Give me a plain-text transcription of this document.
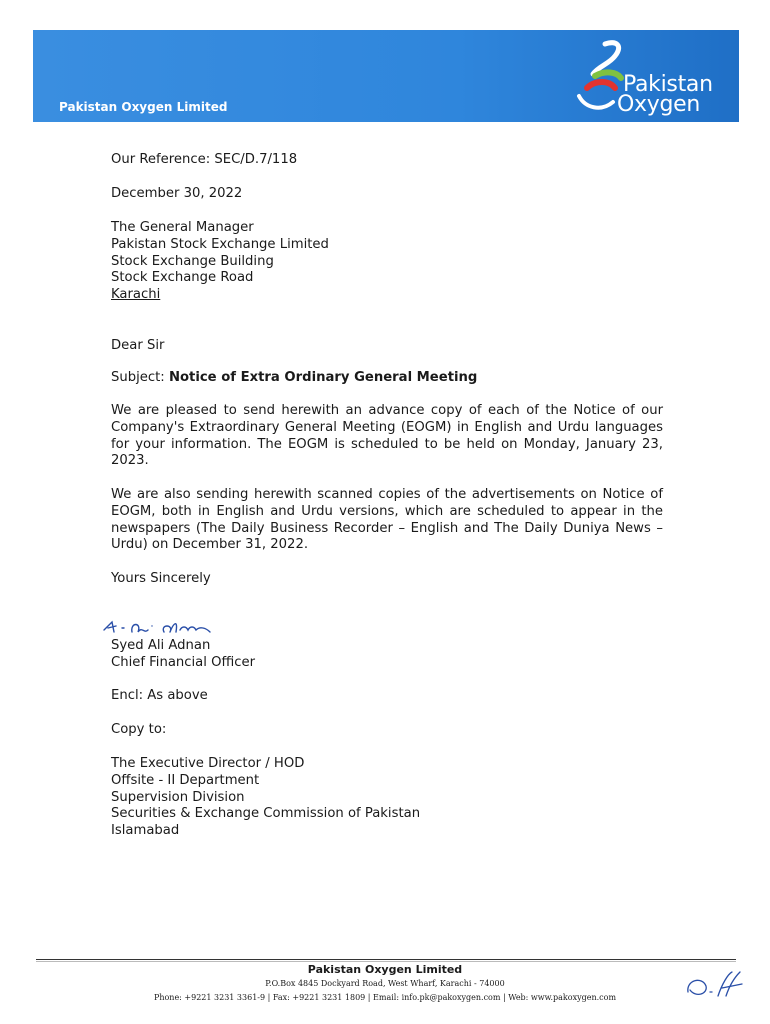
Pakistan Oxygen Limited
Pakistan
Oxygen
Our Reference: SEC/D.7/118
December 30, 2022
The General Manager
Pakistan Stock Exchange Limited
Stock Exchange Building
Stock Exchange Road
Karachi
Dear Sir
Subject: Notice of Extra Ordinary General Meeting
We are pleased to send herewith an advance copy of each of the Notice of our Company's Extraordinary General Meeting (EOGM) in English and Urdu languages for your information. The EOGM is scheduled to be held on Monday, January 23, 2023.
We are also sending herewith scanned copies of the advertisements on Notice of EOGM, both in English and Urdu versions, which are scheduled to appear in the newspapers (The Daily Business Recorder – English and The Daily Duniya News – Urdu) on December 31, 2022.
Yours Sincerely
Syed Ali Adnan
Chief Financial Officer
Encl: As above
Copy to:
The Executive Director / HOD
Offsite - II Department
Supervision Division
Securities & Exchange Commission of Pakistan
Islamabad
Pakistan Oxygen Limited
P.O.Box 4845 Dockyard Road, West Wharf, Karachi - 74000
Phone: +9221 3231 3361-9 | Fax: +9221 3231 1809 | Email: info.pk@pakoxygen.com | Web: www.pakoxygen.com
